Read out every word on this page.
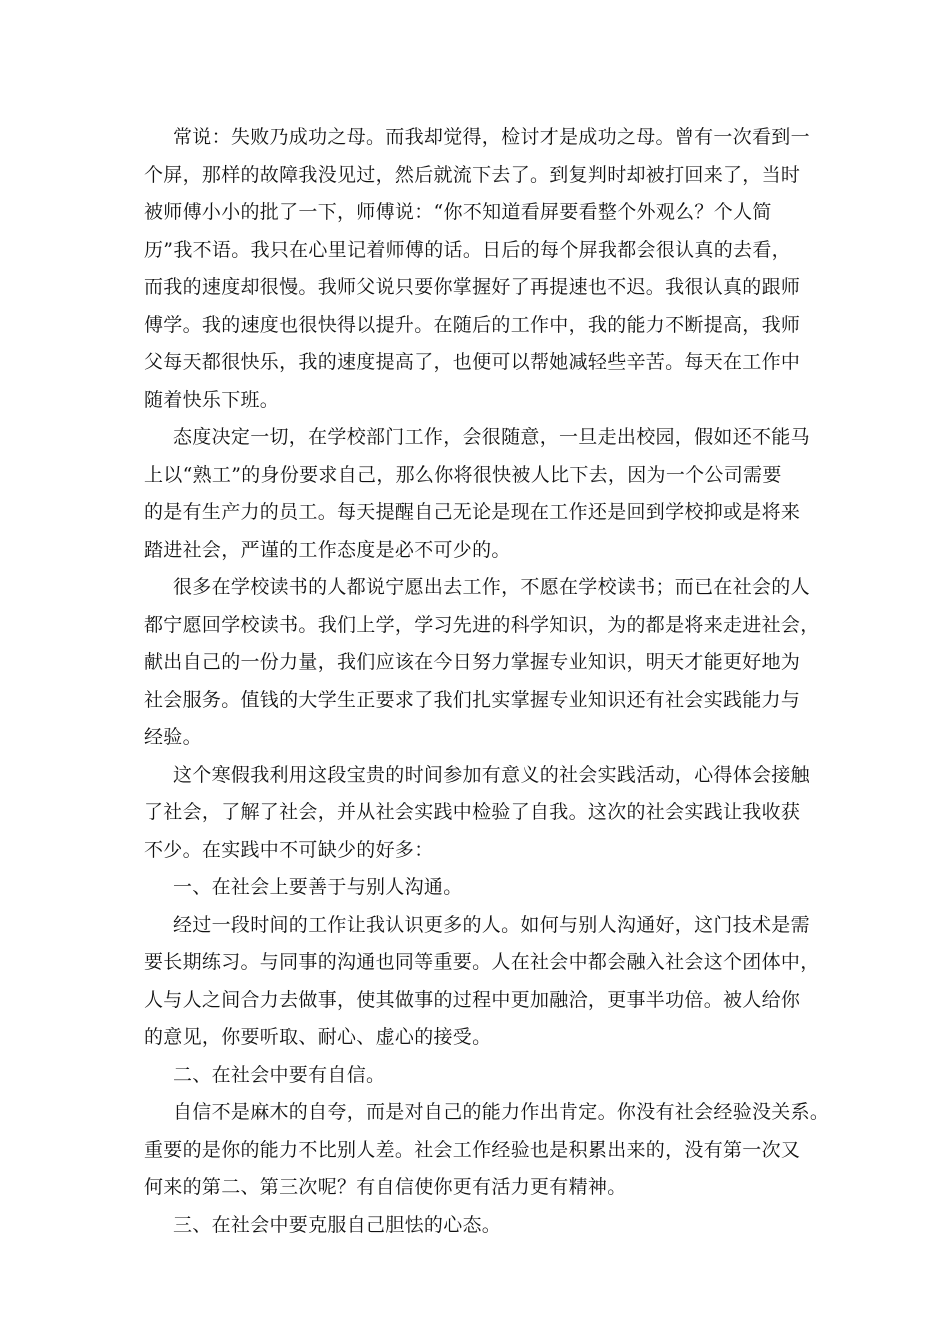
常说：失败乃成功之母。而我却觉得，检讨才是成功之母。曾有一次看到一
个屏，那样的故障我没见过，然后就流下去了。到复判时却被打回来了，当时
被师傅小小的批了一下，师傅说：“你不知道看屏要看整个外观么？个人简
历”我不语。我只在心里记着师傅的话。日后的每个屏我都会很认真的去看，
而我的速度却很慢。我师父说只要你掌握好了再提速也不迟。我很认真的跟师
傅学。我的速度也很快得以提升。在随后的工作中，我的能力不断提高，我师
父每天都很快乐，我的速度提高了，也便可以帮她减轻些辛苦。每天在工作中
随着快乐下班。
态度决定一切，在学校部门工作，会很随意，一旦走出校园，假如还不能马
上以“熟工”的身份要求自己，那么你将很快被人比下去，因为一个公司需要
的是有生产力的员工。每天提醒自己无论是现在工作还是回到学校抑或是将来
踏进社会，严谨的工作态度是必不可少的。
很多在学校读书的人都说宁愿出去工作，不愿在学校读书；而已在社会的人
都宁愿回学校读书。我们上学，学习先进的科学知识，为的都是将来走进社会，
献出自己的一份力量，我们应该在今日努力掌握专业知识，明天才能更好地为
社会服务。值钱的大学生正要求了我们扎实掌握专业知识还有社会实践能力与
经验。
这个寒假我利用这段宝贵的时间参加有意义的社会实践活动，心得体会接触
了社会，了解了社会，并从社会实践中检验了自我。这次的社会实践让我收获
不少。在实践中不可缺少的好多：
一、在社会上要善于与别人沟通。
经过一段时间的工作让我认识更多的人。如何与别人沟通好，这门技术是需
要长期练习。与同事的沟通也同等重要。人在社会中都会融入社会这个团体中，
人与人之间合力去做事，使其做事的过程中更加融洽，更事半功倍。被人给你
的意见，你要听取、耐心、虚心的接受。
二、在社会中要有自信。
自信不是麻木的自夸，而是对自己的能力作出肯定。你没有社会经验没关系。
重要的是你的能力不比别人差。社会工作经验也是积累出来的，没有第一次又
何来的第二、第三次呢？有自信使你更有活力更有精神。
三、在社会中要克服自己胆怯的心态。
